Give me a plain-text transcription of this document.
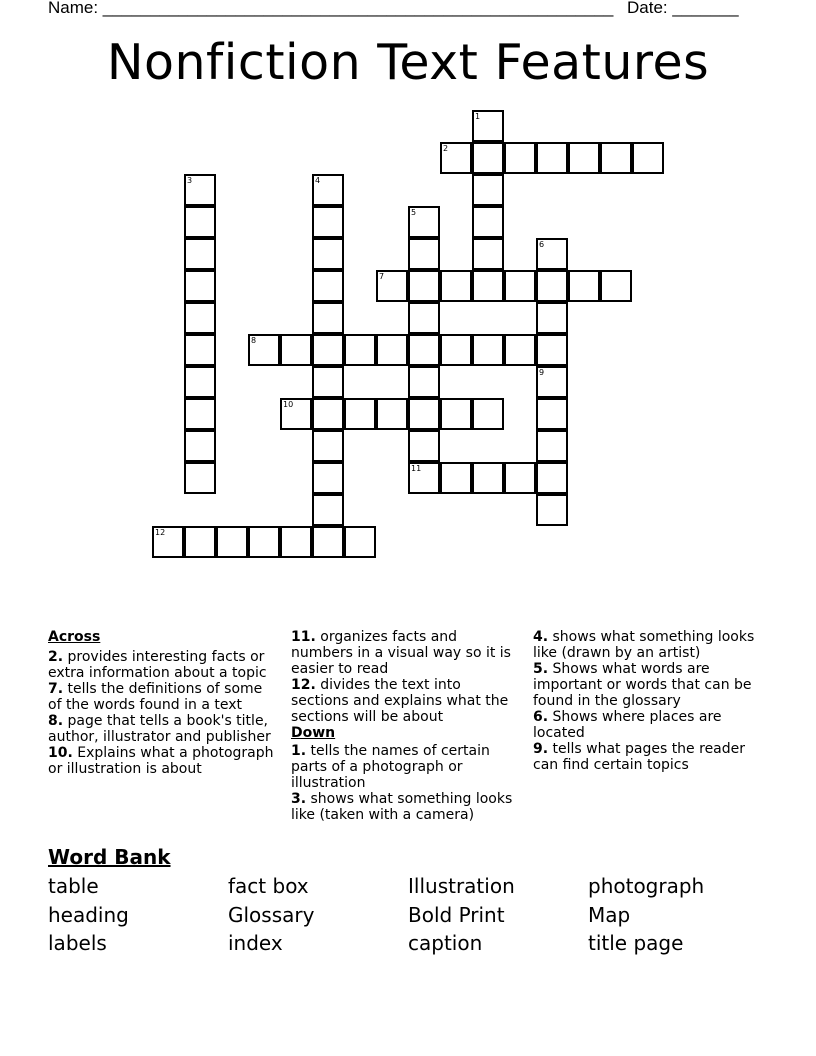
Name: ______________________________________________________ Date: _______
Nonfiction Text Features
1
2
3	4
5
11
6
7
8
9
10
12
Across

2. provides interesting facts or extra information about a topic

7. tells the definitions of some of the words found in a text

8. page that tells a book's title, author, illustrator and publisher

10. Explains what a photograph or illustration is about

11. organizes facts and numbers in a visual way so it is easier to read

12. divides the text into sections and explains what the sections will be about

Down

1. tells the names of certain parts of a photograph or illustration

3. shows what something looks like (taken with a camera)

4. shows what something looks like (drawn by an artist)

5. Shows what words are important or words that can be found in the glossary

6. Shows where places are located

9. tells what pages the reader can find certain topics

Word Bank
table	fact box	Illustration	photograph
heading	Glossary	Bold Print	Map
labels	index	caption	title page
